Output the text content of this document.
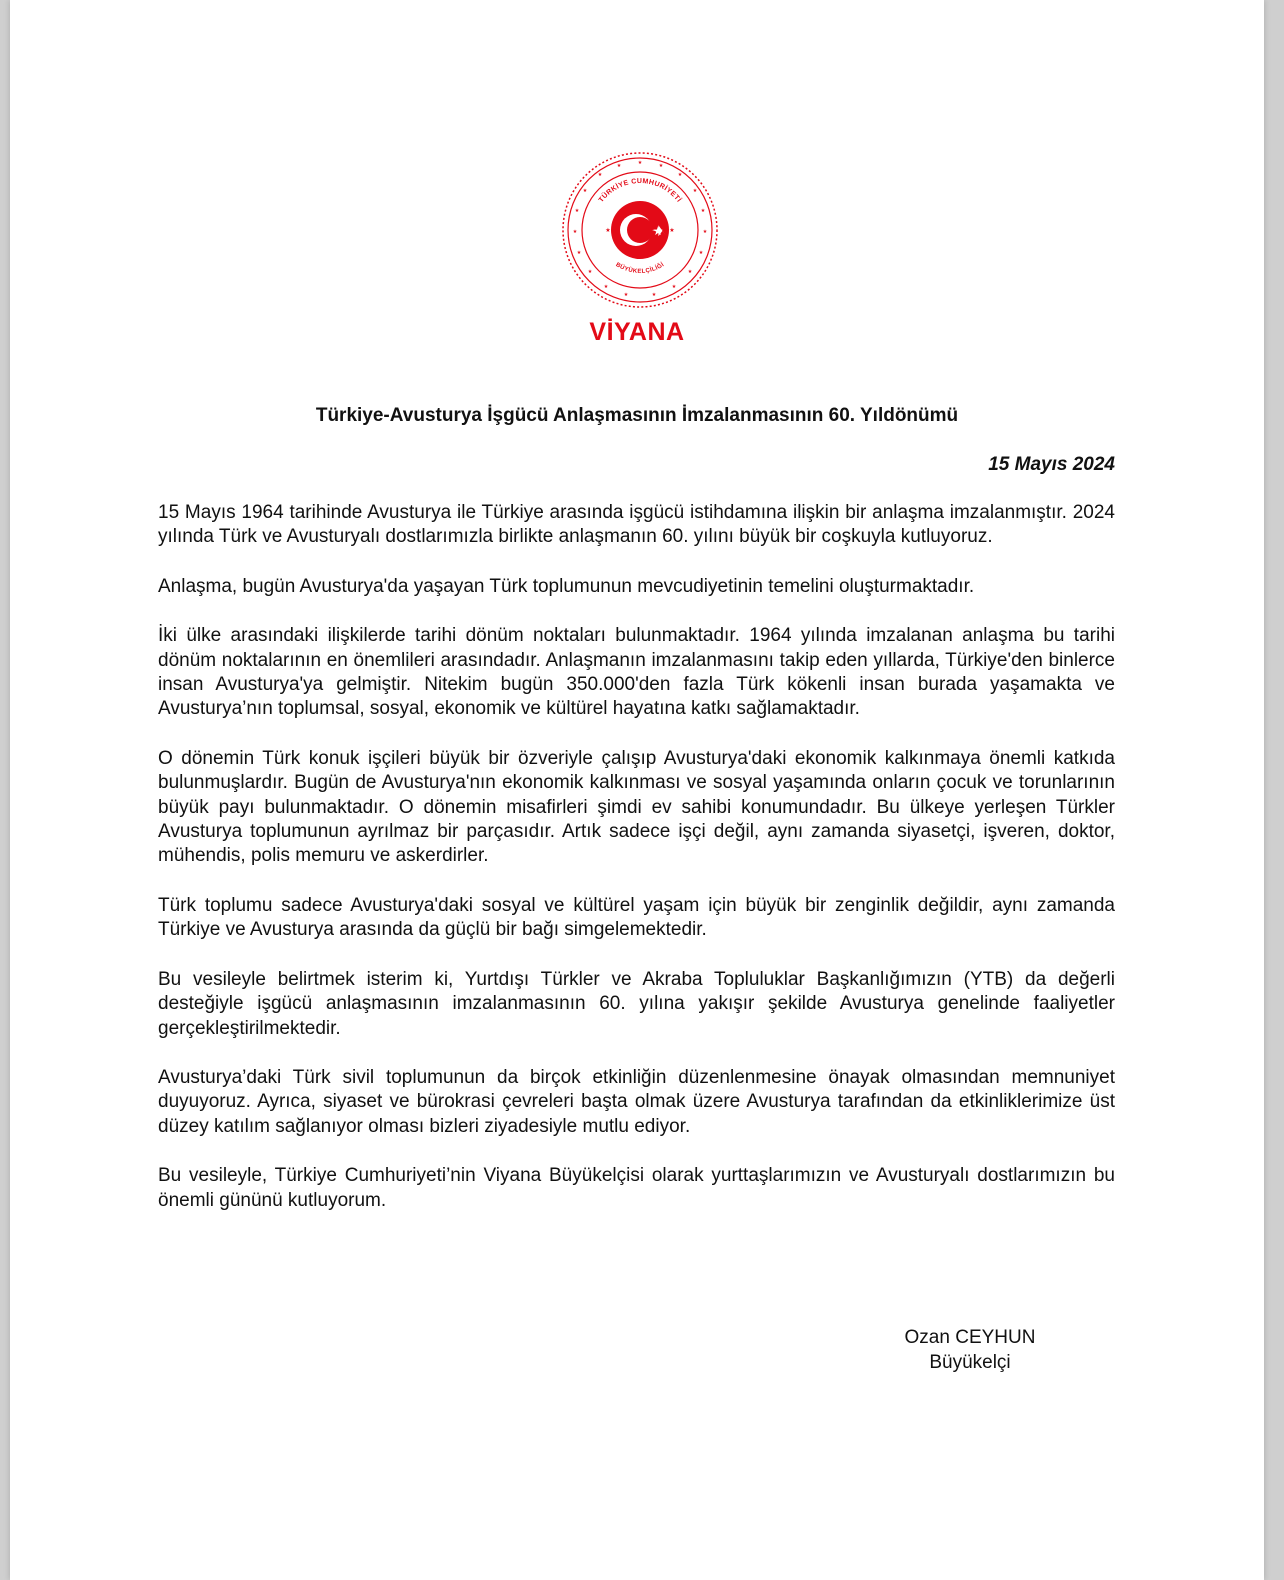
★	★
★
★
★
★
★
★
★
★
★
★
★
★
★
★
★
★
★
TÜRKİYE CUMHURİYETİ
BÜYÜKELÇİLİĞİ
★
★	★
VİYANA
Türkiye-Avusturya İşgücü Anlaşmasının İmzalanmasının 60. Yıldönümü
15 Mayıs 2024

15 Mayıs 1964 tarihinde Avusturya ile Türkiye arasında işgücü istihdamına ilişkin bir anlaşma imzalanmıştır. 2024 yılında Türk ve Avusturyalı dostlarımızla birlikte anlaşmanın 60. yılını büyük bir coşkuyla kutluyoruz.

Anlaşma, bugün Avusturya'da yaşayan Türk toplumunun mevcudiyetinin temelini oluşturmaktadır.

İki ülke arasındaki ilişkilerde tarihi dönüm noktaları bulunmaktadır. 1964 yılında imzalanan anlaşma bu tarihi dönüm noktalarının en önemlileri arasındadır. Anlaşmanın imzalanmasını takip eden yıllarda, Türkiye'den binlerce insan Avusturya'ya gelmiştir. Nitekim bugün 350.000'den fazla Türk kökenli insan burada yaşamakta ve Avusturya’nın toplumsal, sosyal, ekonomik ve kültürel hayatına katkı sağlamaktadır.

O dönemin Türk konuk işçileri büyük bir özveriyle çalışıp Avusturya'daki ekonomik kalkınmaya önemli katkıda bulunmuşlardır. Bugün de Avusturya'nın ekonomik kalkınması ve sosyal yaşamında onların çocuk ve torunlarının büyük payı bulunmaktadır. O dönemin misafirleri şimdi ev sahibi konumundadır. Bu ülkeye yerleşen Türkler Avusturya toplumunun ayrılmaz bir parçasıdır. Artık sadece işçi değil, aynı zamanda siyasetçi, işveren, doktor, mühendis, polis memuru ve askerdirler.

Türk toplumu sadece Avusturya'daki sosyal ve kültürel yaşam için büyük bir zenginlik değildir, aynı zamanda Türkiye ve Avusturya arasında da güçlü bir bağı simgelemektedir.

Bu vesileyle belirtmek isterim ki, Yurtdışı Türkler ve Akraba Topluluklar Başkanlığımızın (YTB) da değerli desteğiyle işgücü anlaşmasının imzalanmasının 60. yılına yakışır şekilde Avusturya genelinde faaliyetler gerçekleştirilmektedir.

Avusturya’daki Türk sivil toplumunun da birçok etkinliğin düzenlenmesine önayak olmasından memnuniyet duyuyoruz. Ayrıca, siyaset ve bürokrasi çevreleri başta olmak üzere Avusturya tarafından da etkinliklerimize üst düzey katılım sağlanıyor olması bizleri ziyadesiyle mutlu ediyor.

Bu vesileyle, Türkiye Cumhuriyeti’nin Viyana Büyükelçisi olarak yurttaşlarımızın ve Avusturyalı dostlarımızın bu önemli gününü kutluyorum.

Ozan CEYHUN
Büyükelçi
